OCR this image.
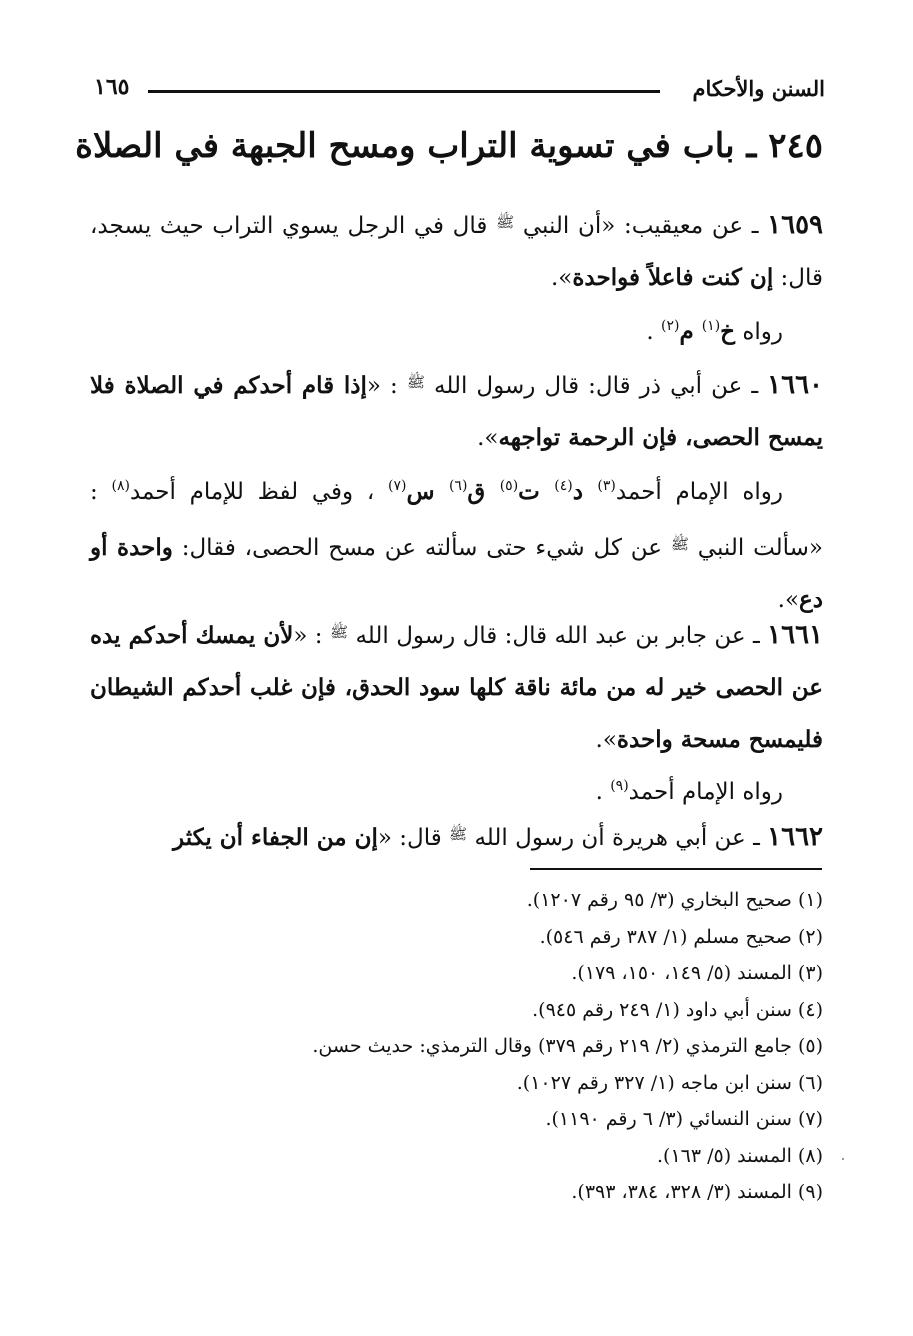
السنن والأحكام
١٦٥
٢٤٥ ـ باب في تسوية التراب ومسح الجبهة في الصلاة
١٦٥٩ ـ عن معيقيب: «أن النبي $^ﷺ$ قال في الرجل يسوي التراب حيث يسجد، قال: إن كنت فاعلاً فواحدة».
رواه خ$^{(١)}$ م$^{(٢)}$ .
١٦٦٠ ـ عن أبي ذر قال: قال رسول الله $^ﷺ$ : «إذا قام أحدكم في الصلاة فلا يمسح الحصى، فإن الرحمة تواجهه».
رواه الإمام أحمد$^{(٣)}$ د$^{(٤)}$ ت$^{(٥)}$ ق$^{(٦)}$ س$^{(٧)}$ ، وفي لفظ للإمام أحمد$^{(٨)}$ : «سألت النبي $^ﷺ$ عن كل شيء حتى سألته عن مسح الحصى، فقال: واحدة أو دع».
١٦٦١ ـ عن جابر بن عبد الله قال: قال رسول الله $^ﷺ$ : «لأن يمسك أحدكم يده عن الحصى خير له من مائة ناقة كلها سود الحدق، فإن غلب أحدكم الشيطان فليمسح مسحة واحدة».
رواه الإمام أحمد$^{(٩)}$ .
١٦٦٢ ـ عن أبي هريرة أن رسول الله $^ﷺ$ قال: «إن من الجفاء أن يكثر
(١) صحيح البخاري (٣/ ٩٥ رقم ١٢٠٧).
(٢) صحيح مسلم (١/ ٣٨٧ رقم ٥٤٦).
(٣) المسند (٥/ ١٤٩، ١٥٠، ١٧٩).
(٤) سنن أبي داود (١/ ٢٤٩ رقم ٩٤٥).
(٥) جامع الترمذي (٢/ ٢١٩ رقم ٣٧٩) وقال الترمذي: حديث حسن.
(٦) سنن ابن ماجه (١/ ٣٢٧ رقم ١٠٢٧).
(٧) سنن النسائي (٣/ ٦ رقم ١١٩٠).
(٨) المسند (٥/ ١٦٣).
(٩) المسند (٣/ ٣٢٨، ٣٨٤، ٣٩٣).
